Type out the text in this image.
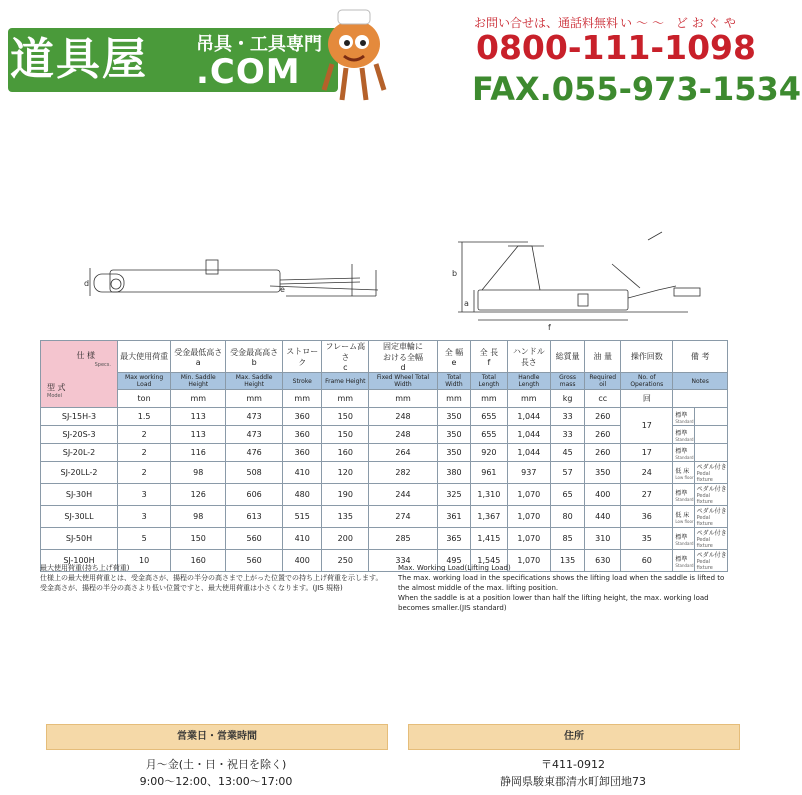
道具屋	吊具・工具専門
.COM
お問い合せは、通話料無料 い〜〜 どおぐや
0800-111-1098
FAX.055-973-1534
d
e
b
a
f
仕 様
Specs.
型 式
Model	最大使用荷重	受金最低高さ
a	受金最高高さ
b	ストローク	フレーム高さ
c	固定車輪に
おける全幅
d	全 幅
e	全 長
f	ハンドル
長さ	総質量	油 量	操作回数	備 考	
	Max working Load	Min. Saddle Height	Max. Saddle Height	Stroke	Frame Height	Fixed Wheel Total Width	Total Width	Total Length	Handle Length	Gross mass	Required oil	No. of Operations	Notes	
	ton	mm	mm	mm	mm	mm	mm	mm	mm	kg	cc	回		
SJ-15H-3	1.5	113	473	360	150	248	350	655	1,044	33	260	17	標準
Standard	

SJ-20S-3	2	113	473	360	150	248	350	655	1,044	33	260		標準
Standard	

SJ-20L-2	2	116	476	360	160	264	350	920	1,044	45	260	17	標準
Standard	

SJ-20LL-2	2	98	508	410	120	282	380	961	937	57	350	24	低 床
Low floor	ペダル付き
Pedal fixture

SJ-30H	3	126	606	480	190	244	325	1,310	1,070	65	400	27	標準
Standard	ペダル付き
Pedal fixture

SJ-30LL	3	98	613	515	135	274	361	1,367	1,070	80	440	36	低 床
Low floor	ペダル付き
Pedal fixture

SJ-50H	5	150	560	410	200	285	365	1,415	1,070	85	310	35	標準
Standard	ペダル付き
Pedal fixture

SJ-100H	10	160	560	400	250	334	495	1,545	1,070	135	630	60	標準
Standard	ペダル付き
Pedal fixture
最大使用荷重(持ち上げ荷重)
仕様上の最大使用荷重とは、受金高さが、揚程の半分の高さまで上がった位置での持ち上げ荷重を示します。
受金高さが、揚程の半分の高さより低い位置ですと、最大使用荷重は小さくなります。(JIS 規格)
Max. Working Load(Lifting Load)
The max. working load in the specifications shows the lifting load when the saddle is lifted to the almost middle of the max. lifting position.
When the saddle is at a position lower than half the lifting height, the max. working load becomes smaller.(JIS standard)
営業日・営業時間	住所
月〜金(土・日・祝日を除く)
9:00〜12:00、13:00〜17:00
〒411-0912
静岡県駿東郡清水町卸団地73
